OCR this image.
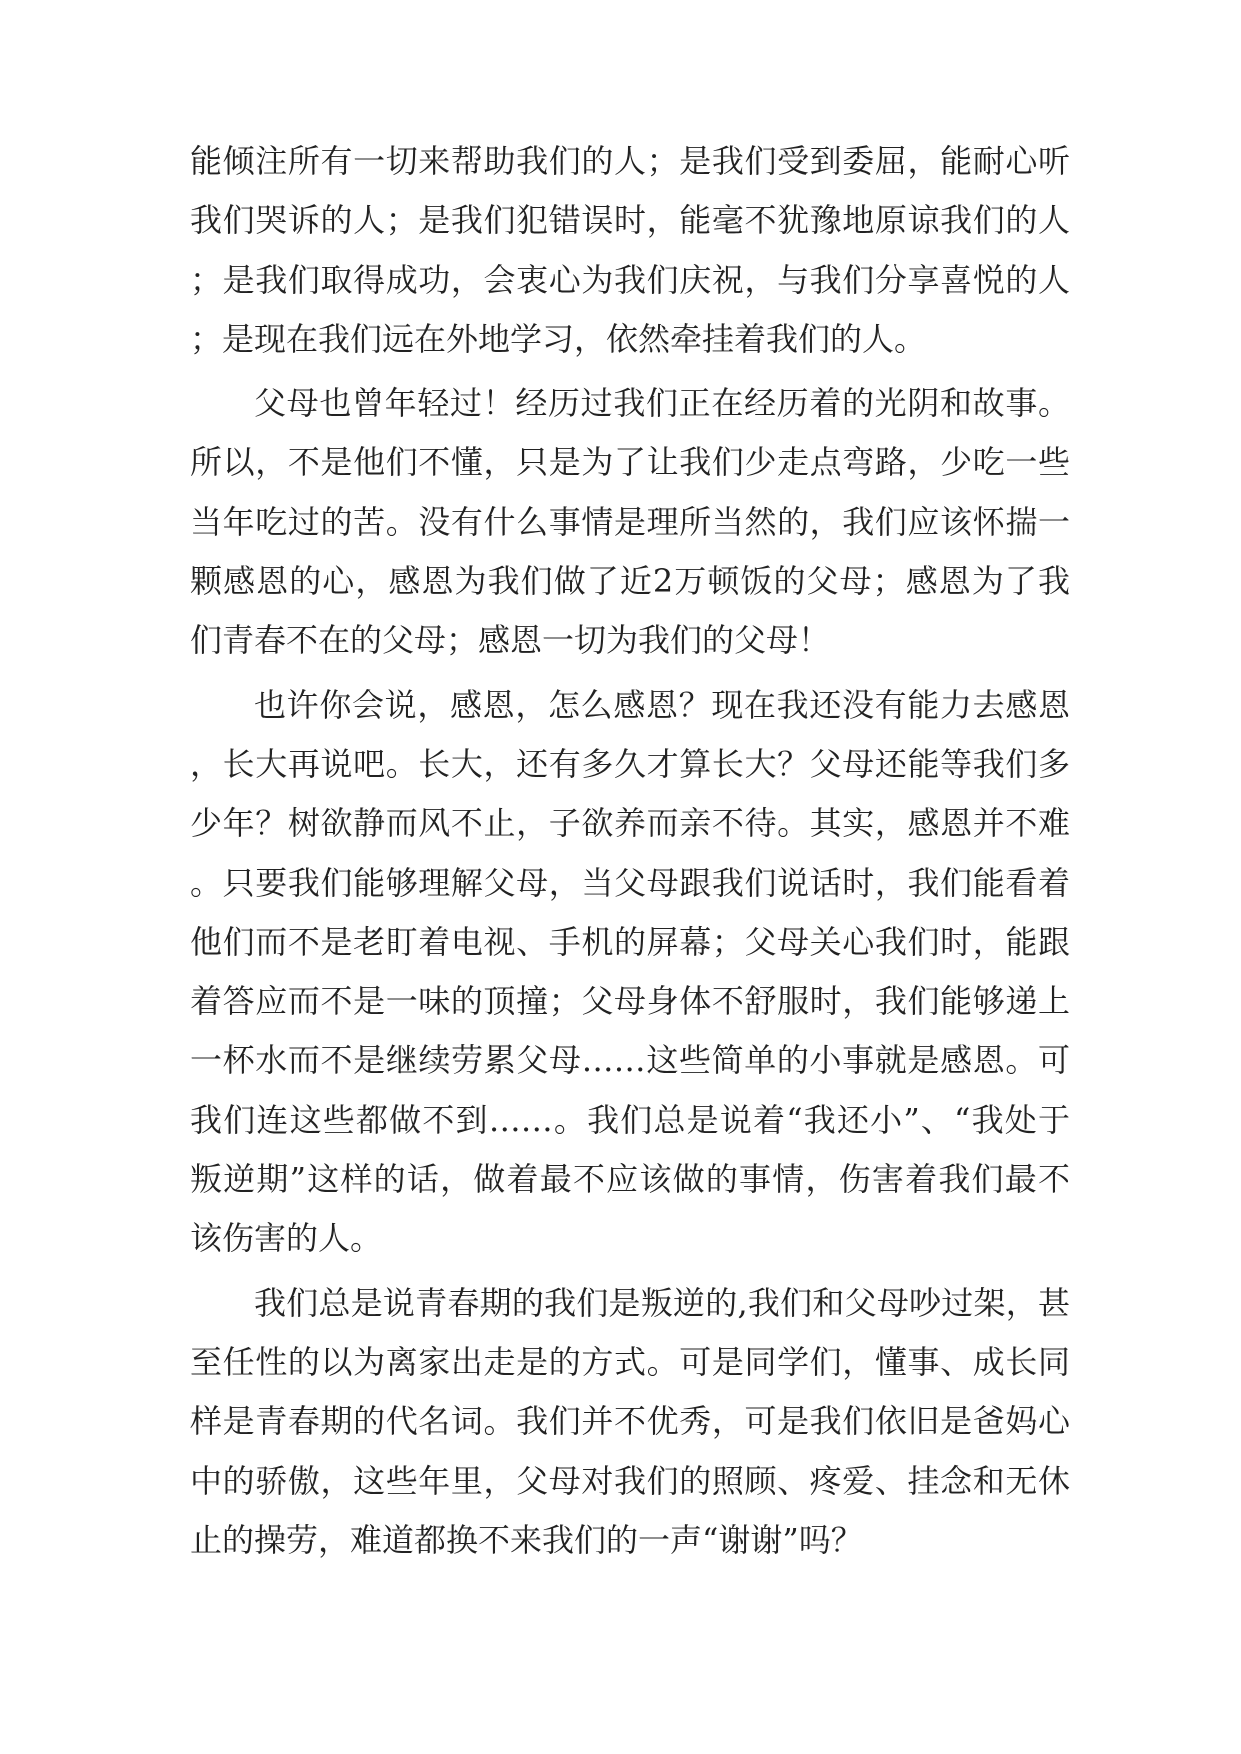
能倾注所有一切来帮助我们的人；是我们受到委屈，能耐心听我们哭诉的人；是我们犯错误时，能毫不犹豫地原谅我们的人；是我们取得成功，会衷心为我们庆祝，与我们分享喜悦的人；是现在我们远在外地学习，依然牵挂着我们的人。

父母也曾年轻过！经历过我们正在经历着的光阴和故事。所以，不是他们不懂，只是为了让我们少走点弯路，少吃一些当年吃过的苦。没有什么事情是理所当然的，我们应该怀揣一颗感恩的心，感恩为我们做了近2万顿饭的父母；感恩为了我们青春不在的父母；感恩一切为我们的父母！

也许你会说，感恩，怎么感恩？现在我还没有能力去感恩，长大再说吧。长大，还有多久才算长大？父母还能等我们多少年？树欲静而风不止，子欲养而亲不待。其实，感恩并不难。只要我们能够理解父母，当父母跟我们说话时，我们能看着他们而不是老盯着电视、手机的屏幕；父母关心我们时，能跟着答应而不是一味的顶撞；父母身体不舒服时，我们能够递上一杯水而不是继续劳累父母……这些简单的小事就是感恩。可我们连这些都做不到……。我们总是说着“我还小”、“我处于叛逆期”这样的话，做着最不应该做的事情，伤害着我们最不该伤害的人。

我们总是说青春期的我们是叛逆的,我们和父母吵过架，甚至任性的以为离家出走是的方式。可是同学们，懂事、成长同样是青春期的代名词。我们并不优秀，可是我们依旧是爸妈心中的骄傲，这些年里，父母对我们的照顾、疼爱、挂念和无休止的操劳，难道都换不来我们的一声“谢谢”吗？
